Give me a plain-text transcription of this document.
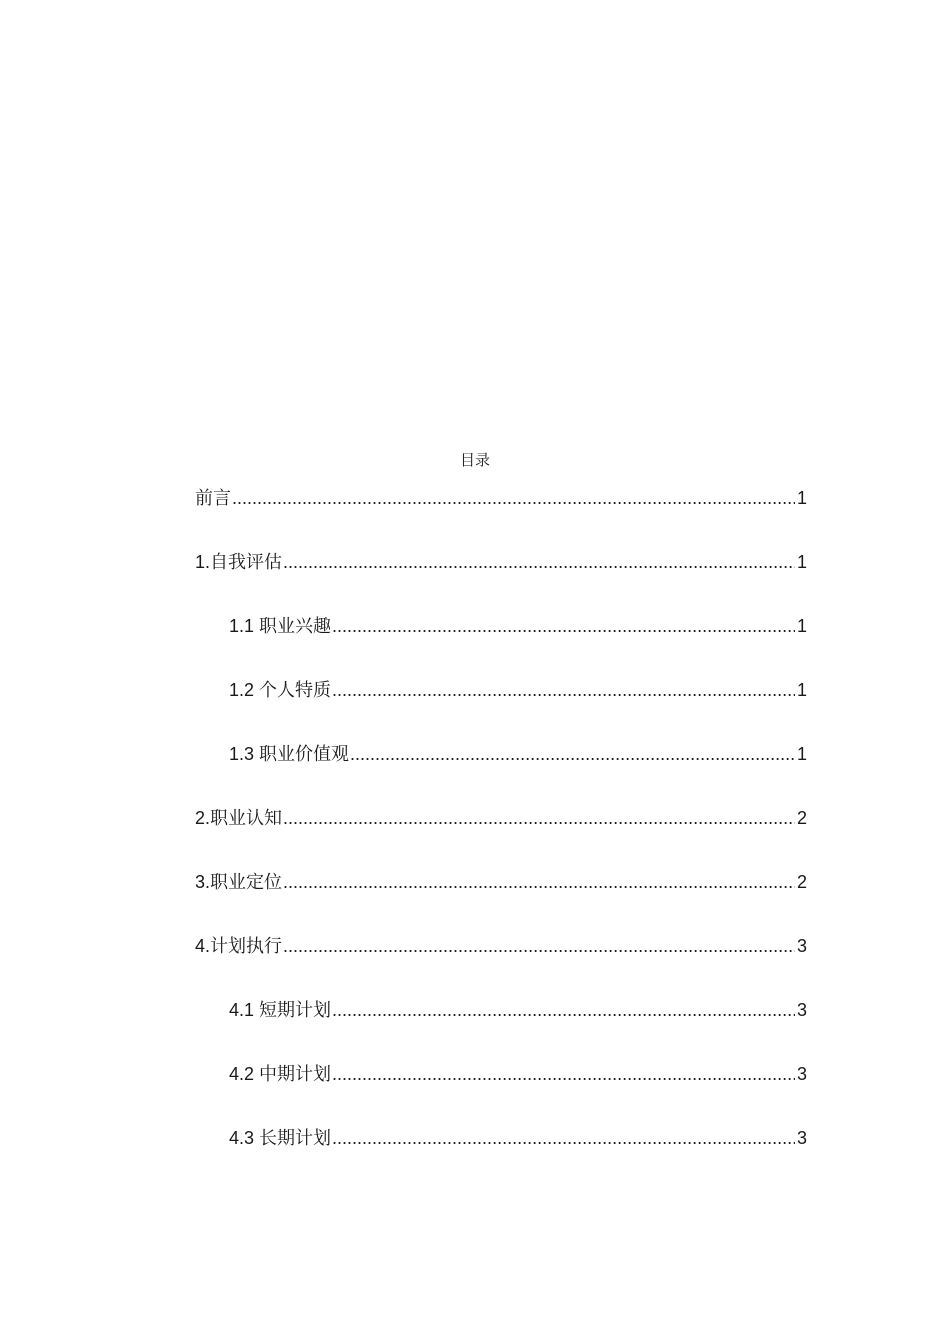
目录
前言 .....	1
1.自我评估 .....	1
1.1 职业兴趣 .....	1
1.2 个人特质 .....	1
1.3 职业价值观 .....	1
2.职业认知 .....	2
3.职业定位 .....	2
4.计划执行 .....	3
4.1 短期计划 .....	3
4.2 中期计划 .....	3
4.3 长期计划 .....	3
